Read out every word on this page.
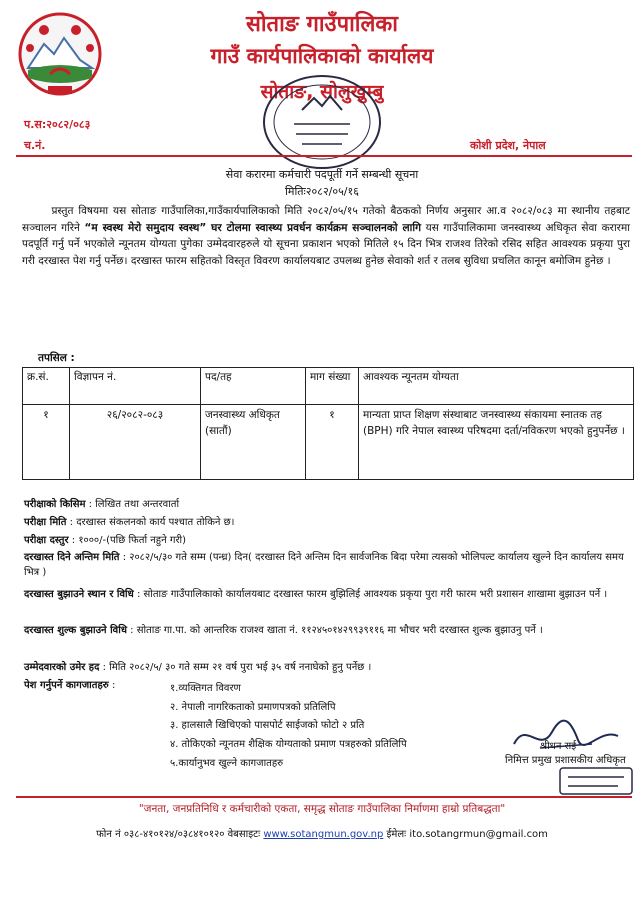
सोताङ गाउँपालिका
गाउँ कार्यपालिकाको कार्यालय
सोताङ, सोलुखुम्बु
प.स:२०८२/०८३
च.नं.	कोशी प्रदेश, नेपाल
सेवा करारमा कर्मचारी पदपूर्ती गर्ने सम्बन्धी सूचना
मितिः२०८२/०५/१६
प्रस्तुत विषयमा यस सोताङ गाउँपालिका,गाउँकार्यपालिकाको मिति २०८२/०५/१५ गतेको बैठकको निर्णय अनुसार आ.व २०८२/०८३ मा स्थानीय तहबाट सञ्चालन गरिने “म स्वस्थ मेरो समुदाय स्वस्थ” घर टोलमा स्वास्थ्य प्रवर्धन कार्यक्रम सञ्चालनको लागि यस गाउँपालिकामा जनस्वास्थ्य अधिकृत सेवा करारमा पदपूर्ति गर्नु पर्ने भएकोले न्यूनतम योग्यता पुगेका उम्मेदवारहरुले यो सूचना प्रकाशन भएको मितिले १५ दिन भित्र राजश्व तिरेको रसिद सहित आवश्यक प्रकृया पुरा गरी दरखास्त पेश गर्नु पर्नेछ। दरखास्त फारम सहितको विस्तृत विवरण कार्यालयबाट उपलब्ध हुनेछ सेवाको शर्त र तलब सुविधा प्रचलित कानून बमोजिम हुनेछ ।
तपसिल :
क्र.सं.	विज्ञापन नं.	पद/तह	माग संख्या	आवश्यक न्यूनतम योग्यता
१	२६/२०८२-०८३	जनस्वास्थ्य अधिकृत (सातौं)	१	मान्यता प्राप्त शिक्षण संस्थाबाट जनस्वास्थ्य संकायमा स्नातक तह (BPH) गरि नेपाल स्वास्थ्य परिषदमा दर्ता/नविकरण भएको हुनुपर्नेछ ।
परीक्षाको किसिम : लिखित तथा अन्तरवार्ता
परीक्षा मिति : दरखास्त संकलनको कार्य पश्चात तोकिने छ।
परीक्षा दस्तुर : १०००/-(पछि फिर्ता नहुने गरी)
दरखास्त दिने अन्तिम मिति : २०८२/५/३० गते सम्म (पन्ध्र) दिन( दरखास्त दिने अन्तिम दिन सार्वजनिक बिदा परेमा त्यसको भोलिपल्ट कार्यालय खुल्ने दिन कार्यालय समय भित्र )
दरखास्त बुझाउने स्थान र विधि : सोताङ गाउँपालिकाको कार्यालयबाट दरखास्त फारम बुझिलिई आवश्यक प्रकृया पुरा गरी फारम भरी प्रशासन शाखामा बुझाउन पर्ने ।
दरखास्त शुल्क बुझाउने विधि : सोताङ गा.पा. को आन्तरिक राजश्व खाता नं. ११२४५०१४२९९३९११६ मा भौचर भरी दरखास्त शुल्क बुझाउनु पर्ने ।
उम्मेदवारको उमेर हद : मिति २०८२/५/ ३० गते सम्म २१ वर्ष पुरा भई ३५ वर्ष ननाघेको हुनु पर्नेछ ।
पेश गर्नुपर्ने कागजातहरु :	१.व्यक्तिगत विवरण
२. नेपाली नागरिकताको प्रमाणपत्रको प्रतिलिपि
३. हालसालै खिचिएको पासपोर्ट साईजको फोटो २ प्रति
४. तोकिएको न्यूनतम शैक्षिक योग्यताको प्रमाण पत्रहरुको प्रतिलिपि
५.कार्यानुभव खुल्ने कागजातहरु
श्रीधन राई
निमित्त प्रमुख प्रशासकीय अधिकृत
"जनता, जनप्रतिनिधि र कर्मचारीको एकता, समृद्ध सोताङ गाउँपालिका निर्माणमा हाम्रो प्रतिबद्धता"
फोन नं ०३८-४१०१२४/०३८४१०१२० वेबसाइटः www.sotangmun.gov.np ईमेलः ito.sotangrmun@gmail.com
